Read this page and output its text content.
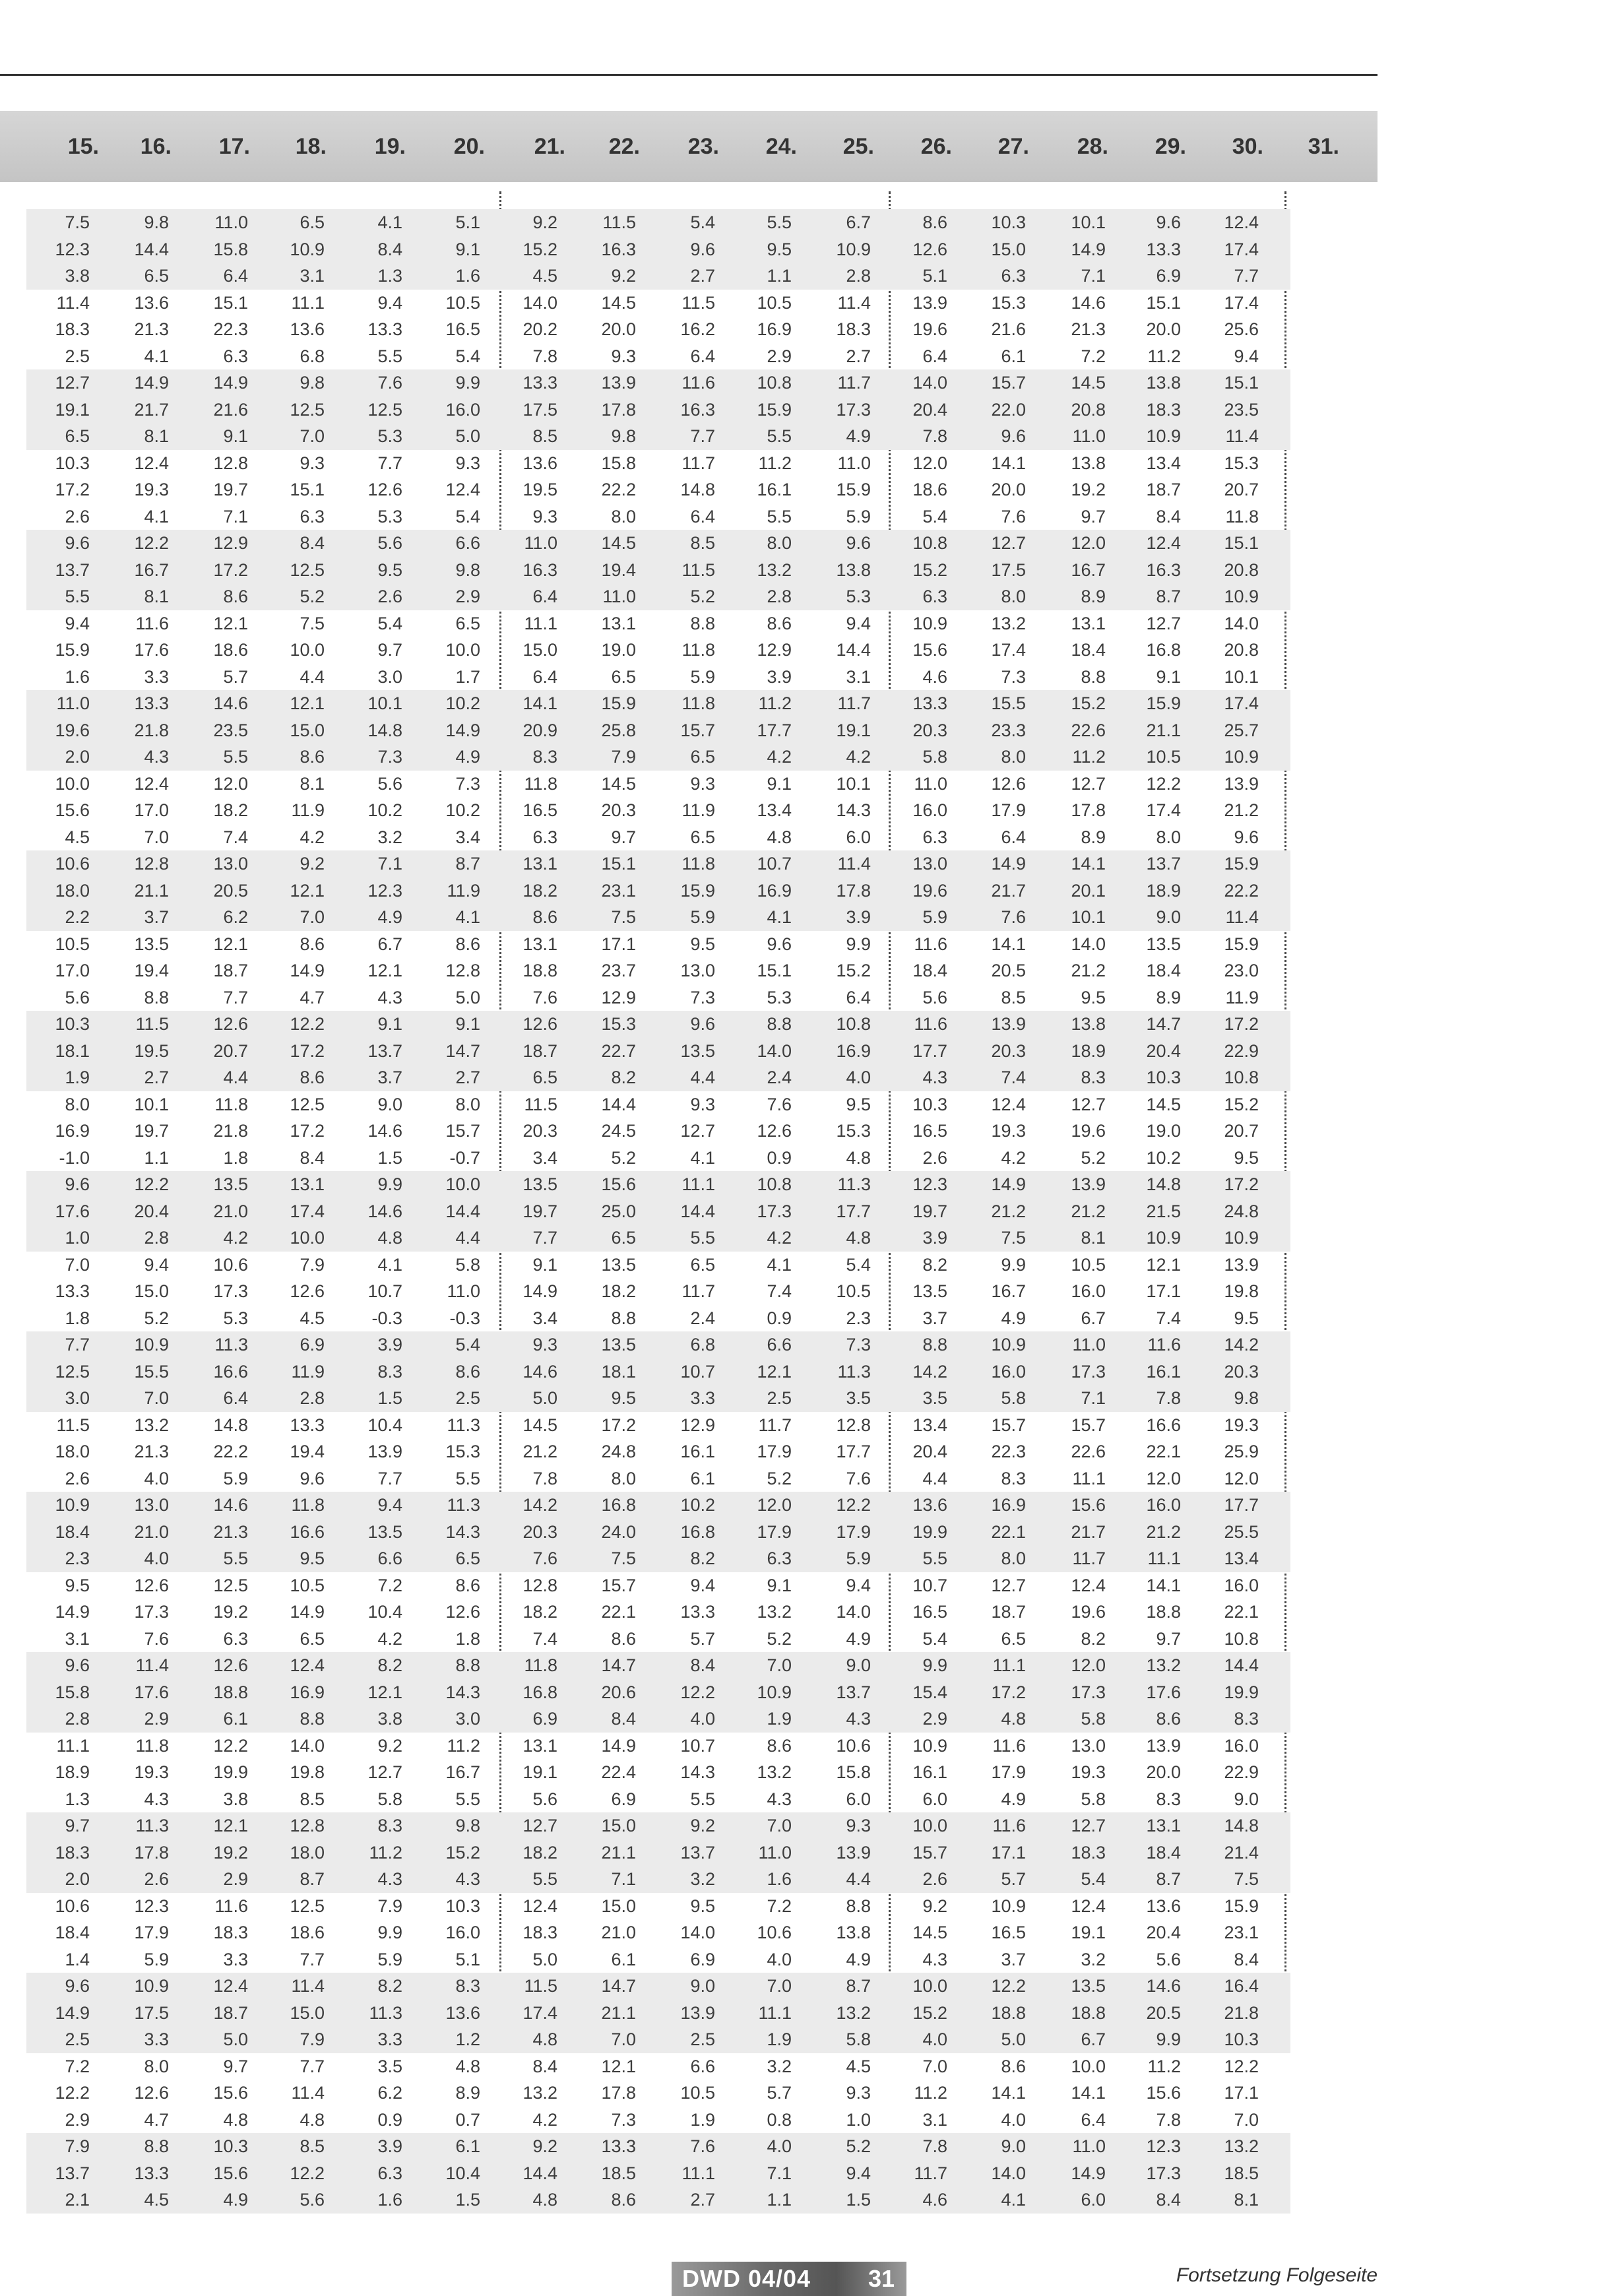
15.	16.	17.	18.	19.	20.	21.	22.	23.	24.	25.	26.	27.	28.	29.	30.	31.
7.5	9.8	11.0	6.5	4.1	5.1	9.2	11.5	5.4	5.5	6.7	8.6	10.3	10.1	9.6	12.4
12.3	14.4	15.8	10.9	8.4	9.1	15.2	16.3	9.6	9.5	10.9	12.6	15.0	14.9	13.3	17.4
3.8	6.5	6.4	3.1	1.3	1.6	4.5	9.2	2.7	1.1	2.8	5.1	6.3	7.1	6.9	7.7
11.4	13.6	15.1	11.1	9.4	10.5	14.0	14.5	11.5	10.5	11.4	13.9	15.3	14.6	15.1	17.4
18.3	21.3	22.3	13.6	13.3	16.5	20.2	20.0	16.2	16.9	18.3	19.6	21.6	21.3	20.0	25.6
2.5	4.1	6.3	6.8	5.5	5.4	7.8	9.3	6.4	2.9	2.7	6.4	6.1	7.2	11.2	9.4
12.7	14.9	14.9	9.8	7.6	9.9	13.3	13.9	11.6	10.8	11.7	14.0	15.7	14.5	13.8	15.1
19.1	21.7	21.6	12.5	12.5	16.0	17.5	17.8	16.3	15.9	17.3	20.4	22.0	20.8	18.3	23.5
6.5	8.1	9.1	7.0	5.3	5.0	8.5	9.8	7.7	5.5	4.9	7.8	9.6	11.0	10.9	11.4
10.3	12.4	12.8	9.3	7.7	9.3	13.6	15.8	11.7	11.2	11.0	12.0	14.1	13.8	13.4	15.3
17.2	19.3	19.7	15.1	12.6	12.4	19.5	22.2	14.8	16.1	15.9	18.6	20.0	19.2	18.7	20.7
2.6	4.1	7.1	6.3	5.3	5.4	9.3	8.0	6.4	5.5	5.9	5.4	7.6	9.7	8.4	11.8
9.6	12.2	12.9	8.4	5.6	6.6	11.0	14.5	8.5	8.0	9.6	10.8	12.7	12.0	12.4	15.1
13.7	16.7	17.2	12.5	9.5	9.8	16.3	19.4	11.5	13.2	13.8	15.2	17.5	16.7	16.3	20.8
5.5	8.1	8.6	5.2	2.6	2.9	6.4	11.0	5.2	2.8	5.3	6.3	8.0	8.9	8.7	10.9
9.4	11.6	12.1	7.5	5.4	6.5	11.1	13.1	8.8	8.6	9.4	10.9	13.2	13.1	12.7	14.0
15.9	17.6	18.6	10.0	9.7	10.0	15.0	19.0	11.8	12.9	14.4	15.6	17.4	18.4	16.8	20.8
1.6	3.3	5.7	4.4	3.0	1.7	6.4	6.5	5.9	3.9	3.1	4.6	7.3	8.8	9.1	10.1
11.0	13.3	14.6	12.1	10.1	10.2	14.1	15.9	11.8	11.2	11.7	13.3	15.5	15.2	15.9	17.4
19.6	21.8	23.5	15.0	14.8	14.9	20.9	25.8	15.7	17.7	19.1	20.3	23.3	22.6	21.1	25.7
2.0	4.3	5.5	8.6	7.3	4.9	8.3	7.9	6.5	4.2	4.2	5.8	8.0	11.2	10.5	10.9
10.0	12.4	12.0	8.1	5.6	7.3	11.8	14.5	9.3	9.1	10.1	11.0	12.6	12.7	12.2	13.9
15.6	17.0	18.2	11.9	10.2	10.2	16.5	20.3	11.9	13.4	14.3	16.0	17.9	17.8	17.4	21.2
4.5	7.0	7.4	4.2	3.2	3.4	6.3	9.7	6.5	4.8	6.0	6.3	6.4	8.9	8.0	9.6
10.6	12.8	13.0	9.2	7.1	8.7	13.1	15.1	11.8	10.7	11.4	13.0	14.9	14.1	13.7	15.9
18.0	21.1	20.5	12.1	12.3	11.9	18.2	23.1	15.9	16.9	17.8	19.6	21.7	20.1	18.9	22.2
2.2	3.7	6.2	7.0	4.9	4.1	8.6	7.5	5.9	4.1	3.9	5.9	7.6	10.1	9.0	11.4
10.5	13.5	12.1	8.6	6.7	8.6	13.1	17.1	9.5	9.6	9.9	11.6	14.1	14.0	13.5	15.9
17.0	19.4	18.7	14.9	12.1	12.8	18.8	23.7	13.0	15.1	15.2	18.4	20.5	21.2	18.4	23.0
5.6	8.8	7.7	4.7	4.3	5.0	7.6	12.9	7.3	5.3	6.4	5.6	8.5	9.5	8.9	11.9
10.3	11.5	12.6	12.2	9.1	9.1	12.6	15.3	9.6	8.8	10.8	11.6	13.9	13.8	14.7	17.2
18.1	19.5	20.7	17.2	13.7	14.7	18.7	22.7	13.5	14.0	16.9	17.7	20.3	18.9	20.4	22.9
1.9	2.7	4.4	8.6	3.7	2.7	6.5	8.2	4.4	2.4	4.0	4.3	7.4	8.3	10.3	10.8
8.0	10.1	11.8	12.5	9.0	8.0	11.5	14.4	9.3	7.6	9.5	10.3	12.4	12.7	14.5	15.2
16.9	19.7	21.8	17.2	14.6	15.7	20.3	24.5	12.7	12.6	15.3	16.5	19.3	19.6	19.0	20.7
-1.0	1.1	1.8	8.4	1.5	-0.7	3.4	5.2	4.1	0.9	4.8	2.6	4.2	5.2	10.2	9.5
9.6	12.2	13.5	13.1	9.9	10.0	13.5	15.6	11.1	10.8	11.3	12.3	14.9	13.9	14.8	17.2
17.6	20.4	21.0	17.4	14.6	14.4	19.7	25.0	14.4	17.3	17.7	19.7	21.2	21.2	21.5	24.8
1.0	2.8	4.2	10.0	4.8	4.4	7.7	6.5	5.5	4.2	4.8	3.9	7.5	8.1	10.9	10.9
7.0	9.4	10.6	7.9	4.1	5.8	9.1	13.5	6.5	4.1	5.4	8.2	9.9	10.5	12.1	13.9
13.3	15.0	17.3	12.6	10.7	11.0	14.9	18.2	11.7	7.4	10.5	13.5	16.7	16.0	17.1	19.8
1.8	5.2	5.3	4.5	-0.3	-0.3	3.4	8.8	2.4	0.9	2.3	3.7	4.9	6.7	7.4	9.5
7.7	10.9	11.3	6.9	3.9	5.4	9.3	13.5	6.8	6.6	7.3	8.8	10.9	11.0	11.6	14.2
12.5	15.5	16.6	11.9	8.3	8.6	14.6	18.1	10.7	12.1	11.3	14.2	16.0	17.3	16.1	20.3
3.0	7.0	6.4	2.8	1.5	2.5	5.0	9.5	3.3	2.5	3.5	3.5	5.8	7.1	7.8	9.8
11.5	13.2	14.8	13.3	10.4	11.3	14.5	17.2	12.9	11.7	12.8	13.4	15.7	15.7	16.6	19.3
18.0	21.3	22.2	19.4	13.9	15.3	21.2	24.8	16.1	17.9	17.7	20.4	22.3	22.6	22.1	25.9
2.6	4.0	5.9	9.6	7.7	5.5	7.8	8.0	6.1	5.2	7.6	4.4	8.3	11.1	12.0	12.0
10.9	13.0	14.6	11.8	9.4	11.3	14.2	16.8	10.2	12.0	12.2	13.6	16.9	15.6	16.0	17.7
18.4	21.0	21.3	16.6	13.5	14.3	20.3	24.0	16.8	17.9	17.9	19.9	22.1	21.7	21.2	25.5
2.3	4.0	5.5	9.5	6.6	6.5	7.6	7.5	8.2	6.3	5.9	5.5	8.0	11.7	11.1	13.4
9.5	12.6	12.5	10.5	7.2	8.6	12.8	15.7	9.4	9.1	9.4	10.7	12.7	12.4	14.1	16.0
14.9	17.3	19.2	14.9	10.4	12.6	18.2	22.1	13.3	13.2	14.0	16.5	18.7	19.6	18.8	22.1
3.1	7.6	6.3	6.5	4.2	1.8	7.4	8.6	5.7	5.2	4.9	5.4	6.5	8.2	9.7	10.8
9.6	11.4	12.6	12.4	8.2	8.8	11.8	14.7	8.4	7.0	9.0	9.9	11.1	12.0	13.2	14.4
15.8	17.6	18.8	16.9	12.1	14.3	16.8	20.6	12.2	10.9	13.7	15.4	17.2	17.3	17.6	19.9
2.8	2.9	6.1	8.8	3.8	3.0	6.9	8.4	4.0	1.9	4.3	2.9	4.8	5.8	8.6	8.3
11.1	11.8	12.2	14.0	9.2	11.2	13.1	14.9	10.7	8.6	10.6	10.9	11.6	13.0	13.9	16.0
18.9	19.3	19.9	19.8	12.7	16.7	19.1	22.4	14.3	13.2	15.8	16.1	17.9	19.3	20.0	22.9
1.3	4.3	3.8	8.5	5.8	5.5	5.6	6.9	5.5	4.3	6.0	6.0	4.9	5.8	8.3	9.0
9.7	11.3	12.1	12.8	8.3	9.8	12.7	15.0	9.2	7.0	9.3	10.0	11.6	12.7	13.1	14.8
18.3	17.8	19.2	18.0	11.2	15.2	18.2	21.1	13.7	11.0	13.9	15.7	17.1	18.3	18.4	21.4
2.0	2.6	2.9	8.7	4.3	4.3	5.5	7.1	3.2	1.6	4.4	2.6	5.7	5.4	8.7	7.5
10.6	12.3	11.6	12.5	7.9	10.3	12.4	15.0	9.5	7.2	8.8	9.2	10.9	12.4	13.6	15.9
18.4	17.9	18.3	18.6	9.9	16.0	18.3	21.0	14.0	10.6	13.8	14.5	16.5	19.1	20.4	23.1
1.4	5.9	3.3	7.7	5.9	5.1	5.0	6.1	6.9	4.0	4.9	4.3	3.7	3.2	5.6	8.4
9.6	10.9	12.4	11.4	8.2	8.3	11.5	14.7	9.0	7.0	8.7	10.0	12.2	13.5	14.6	16.4
14.9	17.5	18.7	15.0	11.3	13.6	17.4	21.1	13.9	11.1	13.2	15.2	18.8	18.8	20.5	21.8
2.5	3.3	5.0	7.9	3.3	1.2	4.8	7.0	2.5	1.9	5.8	4.0	5.0	6.7	9.9	10.3
7.2	8.0	9.7	7.7	3.5	4.8	8.4	12.1	6.6	3.2	4.5	7.0	8.6	10.0	11.2	12.2
12.2	12.6	15.6	11.4	6.2	8.9	13.2	17.8	10.5	5.7	9.3	11.2	14.1	14.1	15.6	17.1
2.9	4.7	4.8	4.8	0.9	0.7	4.2	7.3	1.9	0.8	1.0	3.1	4.0	6.4	7.8	7.0
7.9	8.8	10.3	8.5	3.9	6.1	9.2	13.3	7.6	4.0	5.2	7.8	9.0	11.0	12.3	13.2
13.7	13.3	15.6	12.2	6.3	10.4	14.4	18.5	11.1	7.1	9.4	11.7	14.0	14.9	17.3	18.5
2.1	4.5	4.9	5.6	1.6	1.5	4.8	8.6	2.7	1.1	1.5	4.6	4.1	6.0	8.4	8.1
Fortsetzung Folgeseite
DWD 04/04 31
